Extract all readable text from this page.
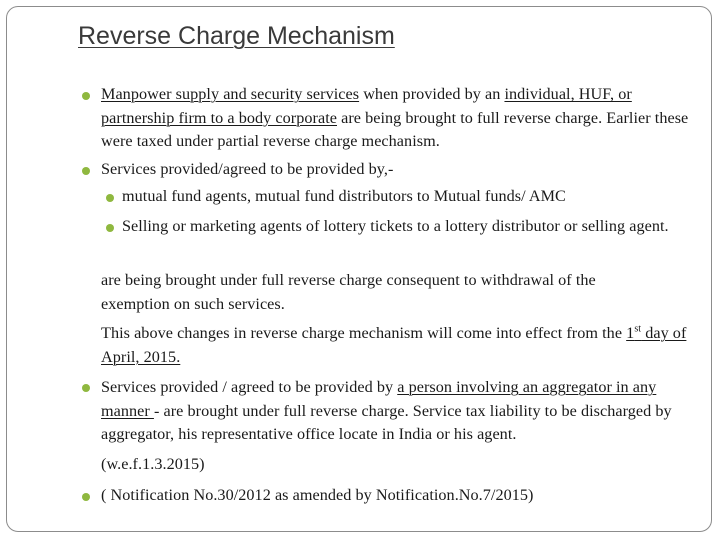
Reverse Charge Mechanism
Manpower supply and security services when provided by an individual, HUF, or partnership firm to a body corporate are being brought to full reverse charge. Earlier these were taxed under partial reverse charge mechanism.
Services provided/agreed to be provided by,-
mutual fund agents, mutual fund distributors to Mutual funds/ AMC
Selling or marketing agents of lottery tickets to a lottery distributor or selling agent.
are being brought under full reverse charge consequent to withdrawal of the exemption on such services.
This above changes in reverse charge mechanism will come into effect from the 1st day of April, 2015.
Services provided / agreed to be provided by a person involving an aggregator in any manner - are brought under full reverse charge. Service tax liability to be discharged by aggregator, his representative office locate in India or his agent.
(w.e.f.1.3.2015)
( Notification No.30/2012 as amended by Notification.No.7/2015)
